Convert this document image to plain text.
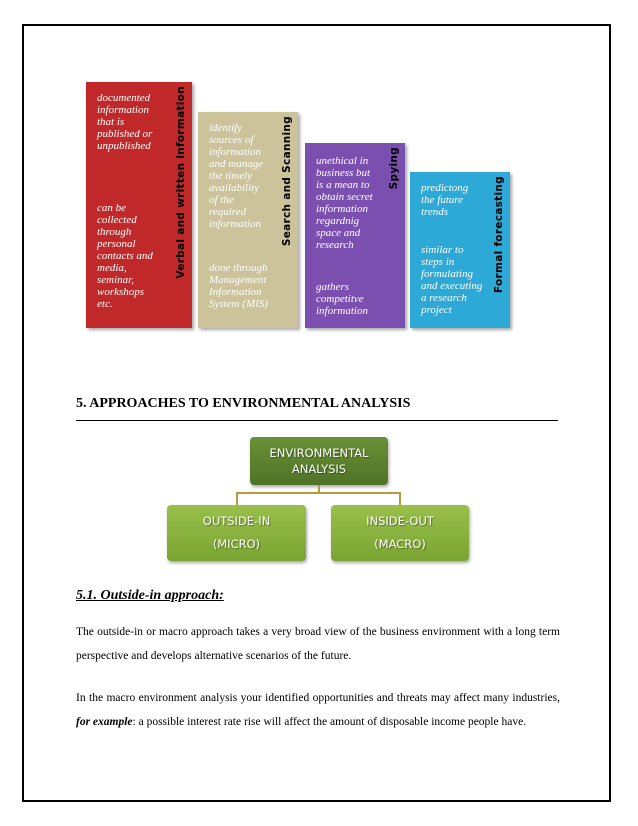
documented
information
that is
published or
unpublished
can be
collected
through
personal
contacts and
media,
seminar,
workshops
etc.
Verbal and written information identify
sources of
information
and manage
the timely
availability
of the
required
information
done through
Management
Information
System (MIS)
Search and Scanning unethical in
business but
is a mean to
obtain secret
information
regardnig
space and
research
gathers
competitve
information
Spying predictong
the future
trends
similar to
steps in
formulating
and executing
a research
project
Formal forecasting
5. APPROACHES TO ENVIRONMENTAL ANALYSIS
ENVIRONMENTAL
ANALYSIS
OUTSIDE-IN
(MICRO)
INSIDE-OUT
(MACRO)
5.1. Outside-in approach:
The outside-in or macro approach takes a very broad view of the business environment with a long term perspective and develops alternative scenarios of the future.
In the macro environment analysis your identified opportunities and threats may affect many industries, for example: a possible interest rate rise will affect the amount of disposable income people have.
